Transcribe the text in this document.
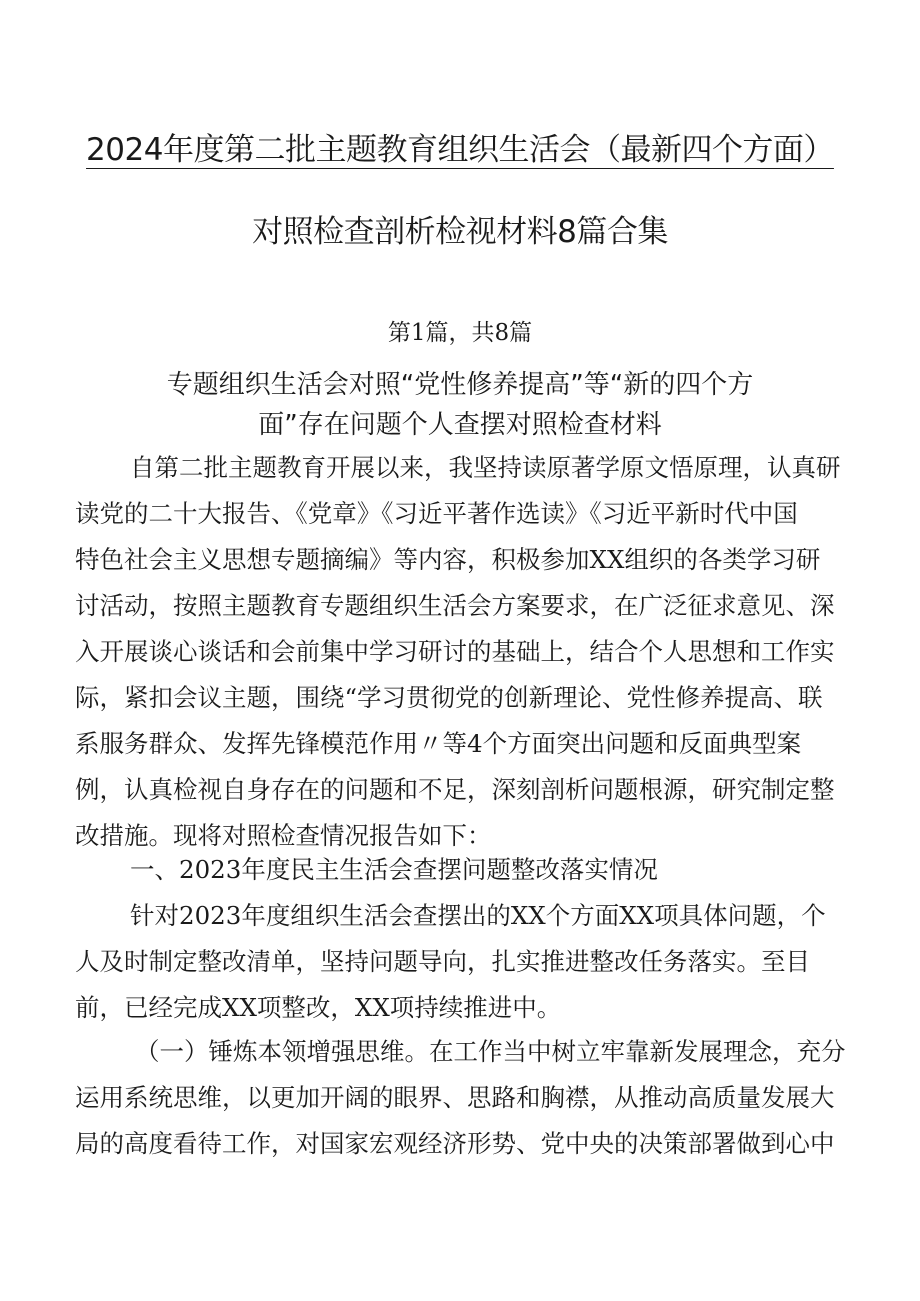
2024年度第二批主题教育组织生活会（最新四个方面）
对照检查剖析检视材料8篇合集
第1篇，共8篇
专题组织生活会对照“党性修养提高”等“新的四个方
面”存在问题个人查摆对照检查材料
自第二批主题教育开展以来，我坚持读原著学原文悟原理，认真研
读党的二十大报告、《党章》《习近平著作选读》《习近平新时代中国
特色社会主义思想专题摘编》等内容，积极参加XX组织的各类学习研
讨活动，按照主题教育专题组织生活会方案要求，在广泛征求意见、深
入开展谈心谈话和会前集中学习研讨的基础上，结合个人思想和工作实
际，紧扣会议主题，围绕“学习贯彻党的创新理论、党性修养提高、联
系服务群众、发挥先锋模范作用〃等4个方面突出问题和反面典型案
例，认真检视自身存在的问题和不足，深刻剖析问题根源，研究制定整
改措施。现将对照检查情况报告如下：
一、2023年度民主生活会查摆问题整改落实情况
针对2023年度组织生活会查摆出的XX个方面XX项具体问题，个
人及时制定整改清单，坚持问题导向，扎实推进整改任务落实。至目
前，已经完成XX项整改，XX项持续推进中。
（一）锤炼本领增强思维。在工作当中树立牢靠新发展理念，充分
运用系统思维，以更加开阔的眼界、思路和胸襟，从推动高质量发展大
局的高度看待工作，对国家宏观经济形势、党中央的决策部署做到心中
